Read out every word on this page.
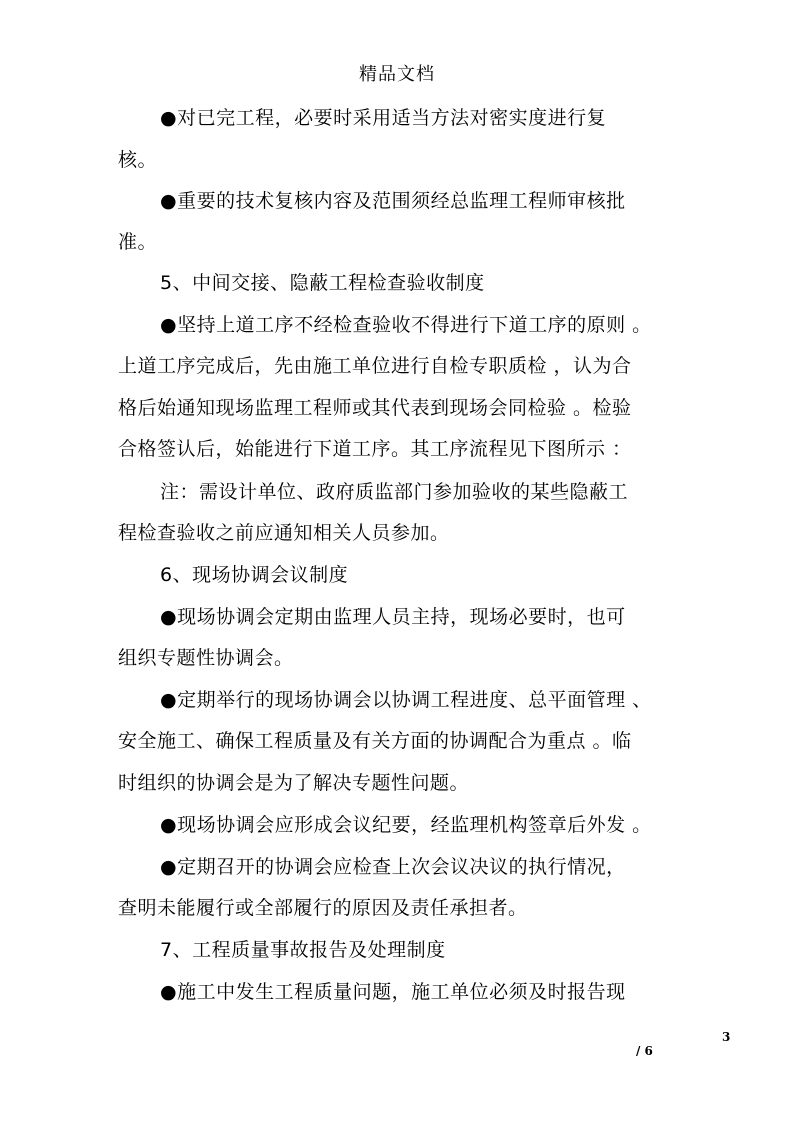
精品文档
●对已完工程，必要时采用适当方法对密实度进行复
核。
●重要的技术复核内容及范围须经总监理工程师审核批
准。
5、中间交接、隐蔽工程检查验收制度
●坚持上道工序不经检查验收不得进行下道工序的原则 。
上道工序完成后，先由施工单位进行自检专职质检 ，认为合
格后始通知现场监理工程师或其代表到现场会同检验 。检验
合格签认后，始能进行下道工序。其工序流程见下图所示 ：
注：需设计单位、政府质监部门参加验收的某些隐蔽工
程检查验收之前应通知相关人员参加。
6、现场协调会议制度
●现场协调会定期由监理人员主持，现场必要时，也可
组织专题性协调会。
●定期举行的现场协调会以协调工程进度、总平面管理 、
安全施工、确保工程质量及有关方面的协调配合为重点 。临
时组织的协调会是为了解决专题性问题。
●现场协调会应形成会议纪要，经监理机构签章后外发 。
●定期召开的协调会应检查上次会议决议的执行情况，
查明未能履行或全部履行的原因及责任承担者。
7、工程质量事故报告及处理制度
●施工中发生工程质量问题，施工单位必须及时报告现
3
/ 6
